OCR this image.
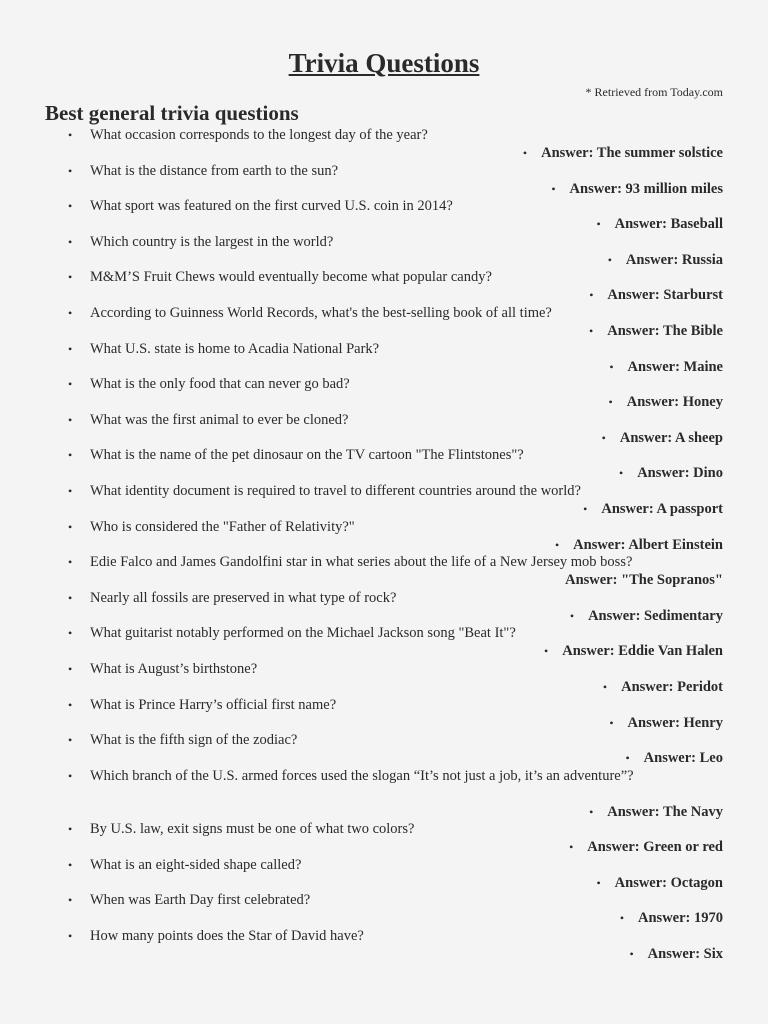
Trivia Questions
* Retrieved from Today.com
Best general trivia questions
• What occasion corresponds to the longest day of the year?
• Answer: The summer solstice
• What is the distance from earth to the sun?
• Answer: 93 million miles
• What sport was featured on the first curved U.S. coin in 2014?
• Answer: Baseball
• Which country is the largest in the world?
• Answer: Russia
• M&M’S Fruit Chews would eventually become what popular candy?
• Answer: Starburst
• According to Guinness World Records, what's the best-selling book of all time?
• Answer: The Bible
• What U.S. state is home to Acadia National Park?
• Answer: Maine
• What is the only food that can never go bad?
• Answer: Honey
• What was the first animal to ever be cloned?
• Answer: A sheep
• What is the name of the pet dinosaur on the TV cartoon "The Flintstones"?
• Answer: Dino
• What identity document is required to travel to different countries around the world?
• Answer: A passport
• Who is considered the "Father of Relativity?"
• Answer: Albert Einstein
• Edie Falco and James Gandolfini star in what series about the life of a New Jersey mob boss?
Answer: "The Sopranos"
• Nearly all fossils are preserved in what type of rock?
• Answer: Sedimentary
• What guitarist notably performed on the Michael Jackson song "Beat It"?
• Answer: Eddie Van Halen
• What is August’s birthstone?
• Answer: Peridot
• What is Prince Harry’s official first name?
• Answer: Henry
• What is the fifth sign of the zodiac?
• Answer: Leo
• Which branch of the U.S. armed forces used the slogan “It’s not just a job, it’s an adventure”?
• Answer: The Navy
• By U.S. law, exit signs must be one of what two colors?
• Answer: Green or red
• What is an eight-sided shape called?
• Answer: Octagon
• When was Earth Day first celebrated?
• Answer: 1970
• How many points does the Star of David have?
• Answer: Six
